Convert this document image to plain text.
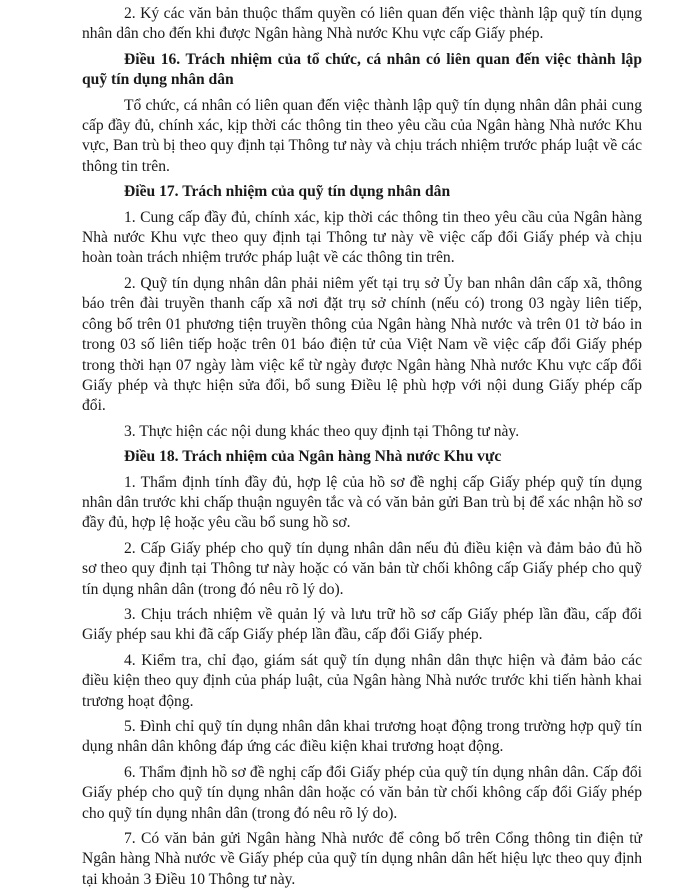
2. Ký các văn bản thuộc thẩm quyền có liên quan đến việc thành lập quỹ tín dụng nhân dân cho đến khi được Ngân hàng Nhà nước Khu vực cấp Giấy phép.

Điều 16. Trách nhiệm của tổ chức, cá nhân có liên quan đến việc thành lập quỹ tín dụng nhân dân

Tổ chức, cá nhân có liên quan đến việc thành lập quỹ tín dụng nhân dân phải cung cấp đầy đủ, chính xác, kịp thời các thông tin theo yêu cầu của Ngân hàng Nhà nước Khu vực, Ban trù bị theo quy định tại Thông tư này và chịu trách nhiệm trước pháp luật về các thông tin trên.

Điều 17. Trách nhiệm của quỹ tín dụng nhân dân

1. Cung cấp đầy đủ, chính xác, kịp thời các thông tin theo yêu cầu của Ngân hàng Nhà nước Khu vực theo quy định tại Thông tư này về việc cấp đổi Giấy phép và chịu hoàn toàn trách nhiệm trước pháp luật về các thông tin trên.

2. Quỹ tín dụng nhân dân phải niêm yết tại trụ sở Ủy ban nhân dân cấp xã, thông báo trên đài truyền thanh cấp xã nơi đặt trụ sở chính (nếu có) trong 03 ngày liên tiếp, công bố trên 01 phương tiện truyền thông của Ngân hàng Nhà nước và trên 01 tờ báo in trong 03 số liên tiếp hoặc trên 01 báo điện tử của Việt Nam về việc cấp đổi Giấy phép trong thời hạn 07 ngày làm việc kể từ ngày được Ngân hàng Nhà nước Khu vực cấp đổi Giấy phép và thực hiện sửa đổi, bổ sung Điều lệ phù hợp với nội dung Giấy phép cấp đổi.

3. Thực hiện các nội dung khác theo quy định tại Thông tư này.

Điều 18. Trách nhiệm của Ngân hàng Nhà nước Khu vực

1. Thẩm định tính đầy đủ, hợp lệ của hồ sơ đề nghị cấp Giấy phép quỹ tín dụng nhân dân trước khi chấp thuận nguyên tắc và có văn bản gửi Ban trù bị để xác nhận hồ sơ đầy đủ, hợp lệ hoặc yêu cầu bổ sung hồ sơ.

2. Cấp Giấy phép cho quỹ tín dụng nhân dân nếu đủ điều kiện và đảm bảo đủ hồ sơ theo quy định tại Thông tư này hoặc có văn bản từ chối không cấp Giấy phép cho quỹ tín dụng nhân dân (trong đó nêu rõ lý do).

3. Chịu trách nhiệm về quản lý và lưu trữ hồ sơ cấp Giấy phép lần đầu, cấp đổi Giấy phép sau khi đã cấp Giấy phép lần đầu, cấp đổi Giấy phép.

4. Kiểm tra, chỉ đạo, giám sát quỹ tín dụng nhân dân thực hiện và đảm bảo các điều kiện theo quy định của pháp luật, của Ngân hàng Nhà nước trước khi tiến hành khai trương hoạt động.

5. Đình chỉ quỹ tín dụng nhân dân khai trương hoạt động trong trường hợp quỹ tín dụng nhân dân không đáp ứng các điều kiện khai trương hoạt động.

6. Thẩm định hồ sơ đề nghị cấp đổi Giấy phép của quỹ tín dụng nhân dân. Cấp đổi Giấy phép cho quỹ tín dụng nhân dân hoặc có văn bản từ chối không cấp đổi Giấy phép cho quỹ tín dụng nhân dân (trong đó nêu rõ lý do).

7. Có văn bản gửi Ngân hàng Nhà nước để công bố trên Cổng thông tin điện tử Ngân hàng Nhà nước về Giấy phép của quỹ tín dụng nhân dân hết hiệu lực theo quy định tại khoản 3 Điều 10 Thông tư này.
